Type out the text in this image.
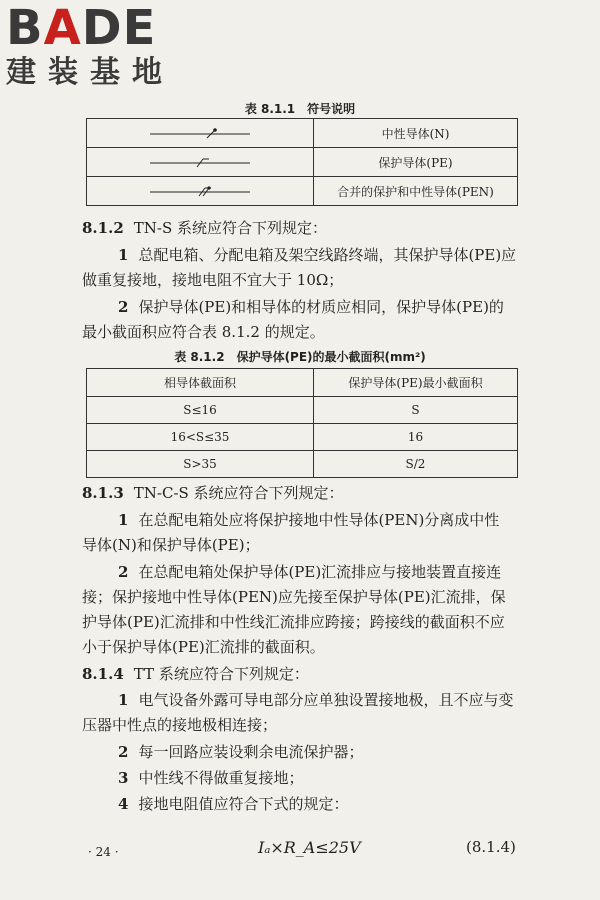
BADE
建装基地
表 8.1.1　符号说明
	中性导体(N)

	保护导体(PE)

	合并的保护和中性导体(PEN)
8.1.2 TN-S 系统应符合下列规定：
1 总配电箱、分配电箱及架空线路终端，其保护导体(PE)应
做重复接地，接地电阻不宜大于 10Ω；
2 保护导体(PE)和相导体的材质应相同，保护导体(PE)的
最小截面积应符合表 8.1.2 的规定。
表 8.1.2　保护导体(PE)的最小截面积(mm²)
相导体截面积	保护导体(PE)最小截面积
S≤16	S
16<S≤35	16
S>35	S/2
8.1.3 TN-C-S 系统应符合下列规定：
1 在总配电箱处应将保护接地中性导体(PEN)分离成中性
导体(N)和保护导体(PE)；
2 在总配电箱处保护导体(PE)汇流排应与接地装置直接连
接；保护接地中性导体(PEN)应先接至保护导体(PE)汇流排，保
护导体(PE)汇流排和中性线汇流排应跨接；跨接线的截面积不应
小于保护导体(PE)汇流排的截面积。
8.1.4 TT 系统应符合下列规定：
1 电气设备外露可导电部分应单独设置接地极，且不应与变
压器中性点的接地极相连接；
2 每一回路应装设剩余电流保护器；
3 中性线不得做重复接地；
4 接地电阻值应符合下式的规定：
Iₐ×R_A≤25V	(8.1.4)
· 24 ·
